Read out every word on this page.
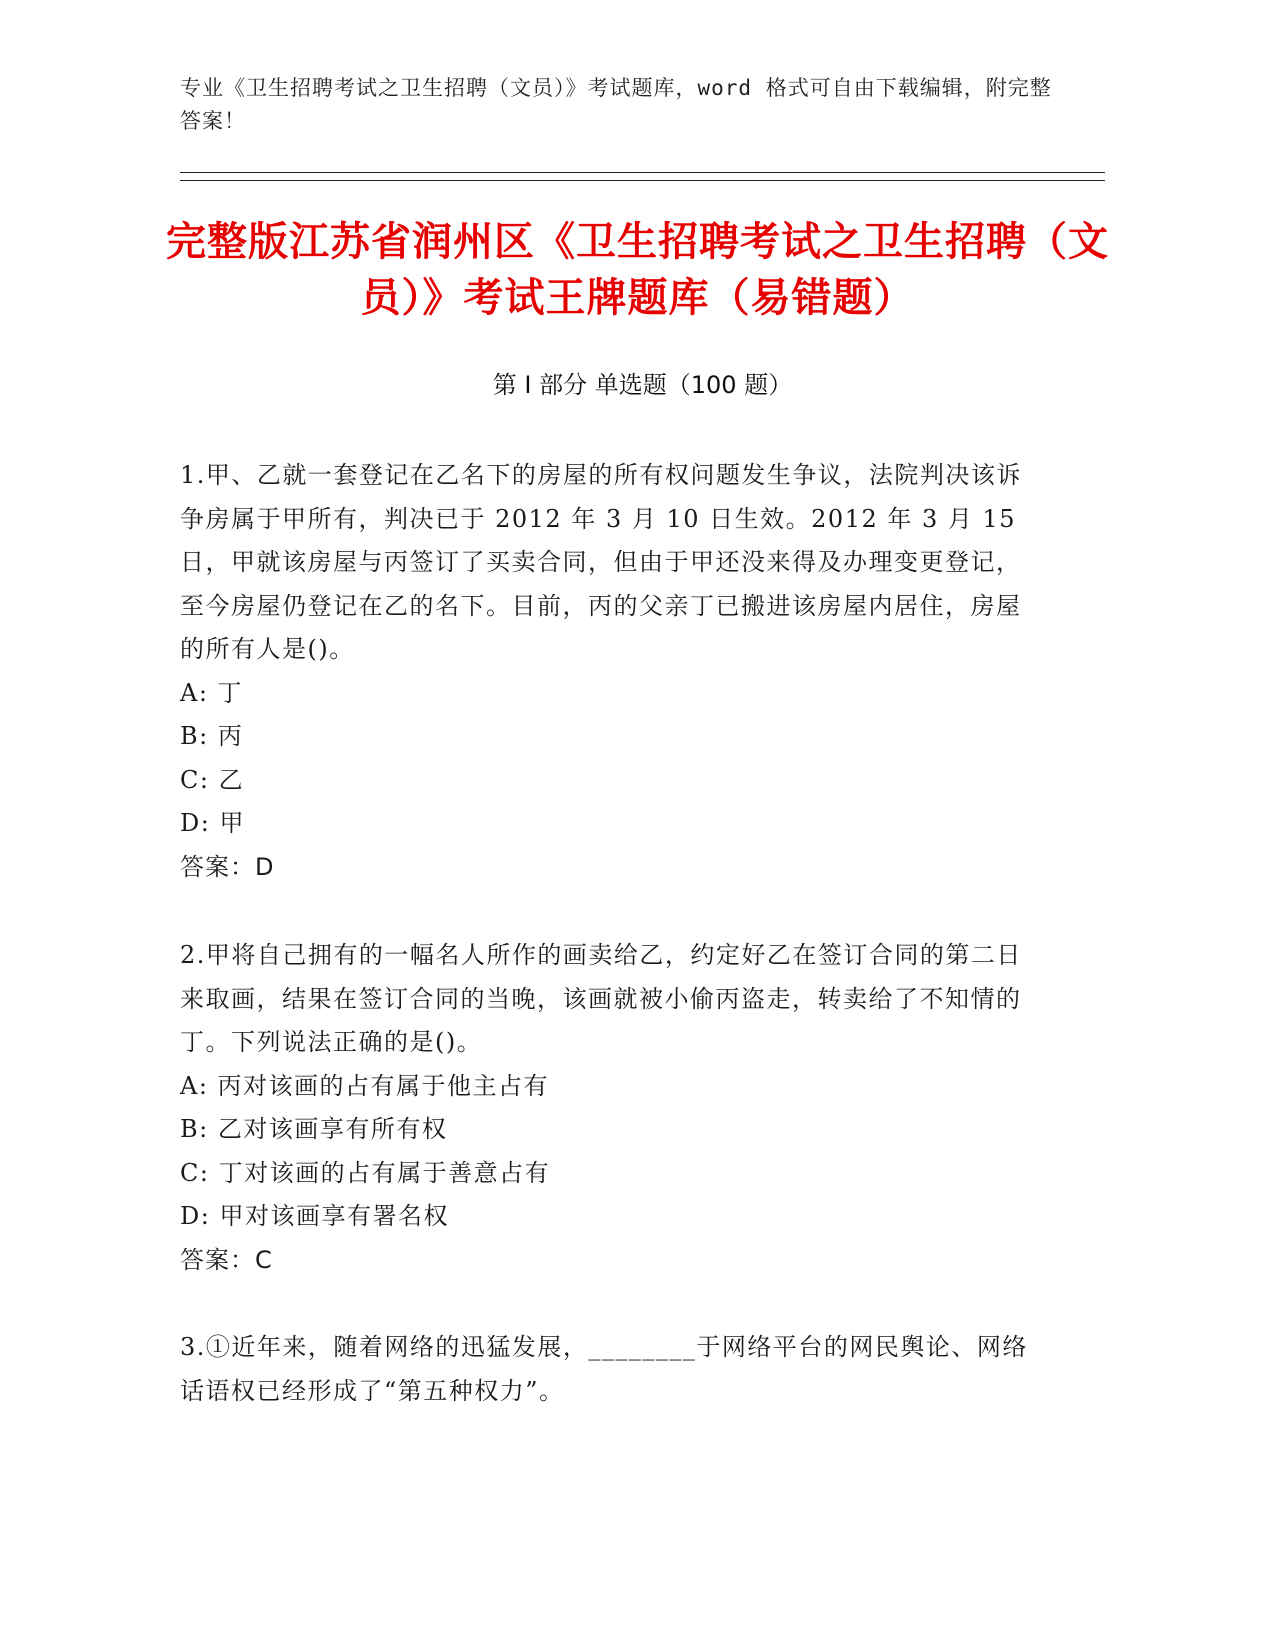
专业《卫生招聘考试之卫生招聘（文员）》考试题库，word 格式可自由下载编辑，附完整答案！
完整版江苏省润州区《卫生招聘考试之卫生招聘（文员）》考试王牌题库（易错题）
第 I 部分 单选题（100 题）

1.甲、乙就一套登记在乙名下的房屋的所有权问题发生争议，法院判决该诉争房属于甲所有，判决已于 2012 年 3 月 10 日生效。2012 年 3 月 15 日，甲就该房屋与丙签订了买卖合同，但由于甲还没来得及办理变更登记，至今房屋仍登记在乙的名下。目前，丙的父亲丁已搬进该房屋内居住，房屋的所有人是()。

A: 丁

B: 丙

C: 乙

D: 甲

答案：D

2.甲将自己拥有的一幅名人所作的画卖给乙，约定好乙在签订合同的第二日来取画，结果在签订合同的当晚，该画就被小偷丙盗走，转卖给了不知情的丁。下列说法正确的是()。

A: 丙对该画的占有属于他主占有

B: 乙对该画享有所有权

C: 丁对该画的占有属于善意占有

D: 甲对该画享有署名权

答案：C

3.①近年来，随着网络的迅猛发展，________于网络平台的网民舆论、网络话语权已经形成了“第五种权力”。
